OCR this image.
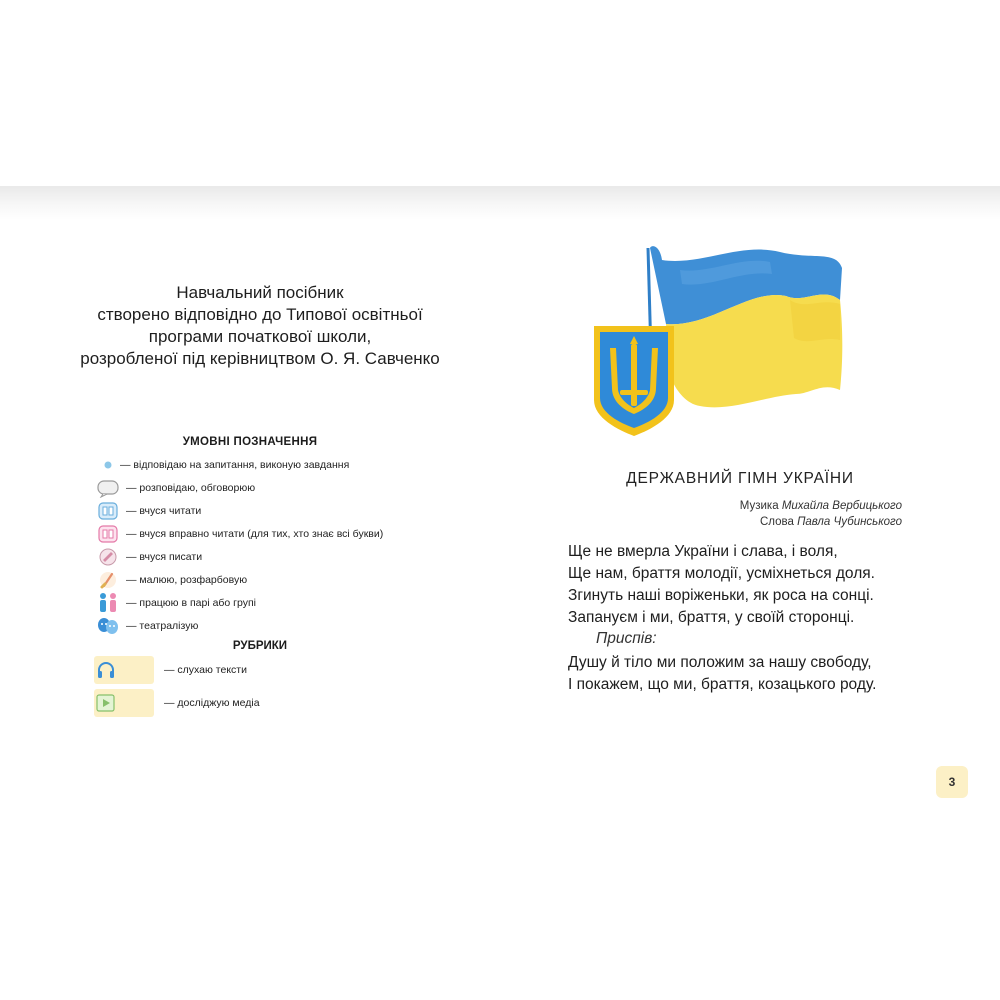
Навчальний посібник
створено відповідно до Типової освітньої
програми початкової школи,
розробленої під керівництвом О. Я. Савченко
УМОВНІ ПОЗНАЧЕННЯ
— відповідаю на запитання, виконую завдання
— розповідаю, обговорюю
— вчуся читати
— вчуся вправно читати (для тих, хто знає всі букви)
— вчуся писати
— малюю, розфарбовую
— працюю в парі або групі
— театралізую
РУБРИКИ
— слухаю тексти
— досліджую медіа
ДЕРЖАВНИЙ ГІМН УКРАЇНИ
Музика Михайла Вербицького
Слова Павла Чубинського
Ще не вмерла України і слава, і воля,
Ще нам, браття молодії, усміхнеться доля.
Згинуть наші воріженьки, як роса на сонці.
Запануєм і ми, браття, у своїй сторонці.
Приспів:
Душу й тіло ми положим за нашу свободу,
І покажем, що ми, браття, козацького роду.
3
